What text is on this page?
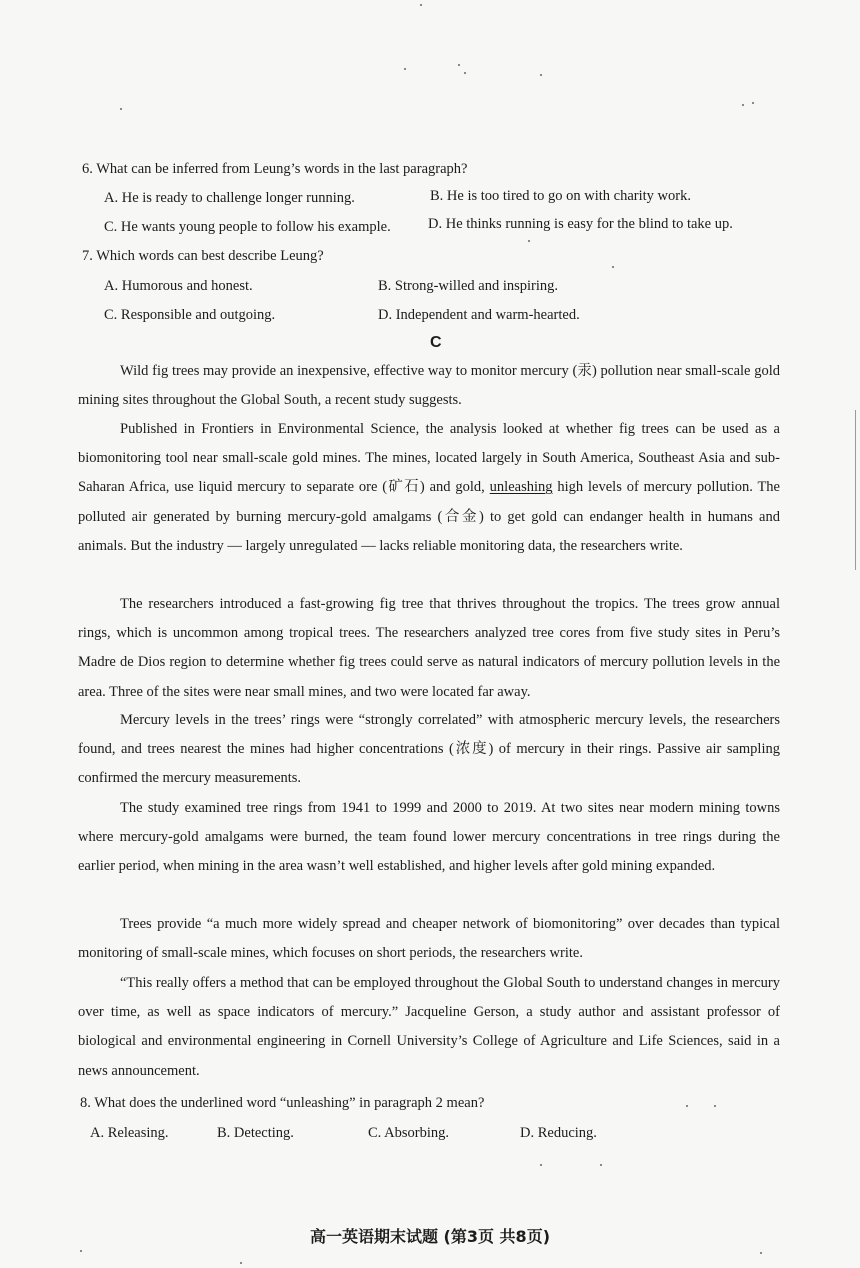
6. What can be inferred from Leung’s words in the last paragraph?
A. He is ready to challenge longer running.	B. He is too tired to go on with charity work.
C. He wants young people to follow his example.	D. He thinks running is easy for the blind to take up.
7. Which words can best describe Leung?
A. Humorous and honest.	B. Strong-willed and inspiring.
C. Responsible and outgoing.	D. Independent and warm-hearted.
C
Wild fig trees may provide an inexpensive, effective way to monitor mercury (汞) pollution near small-scale gold mining sites throughout the Global South, a recent study suggests.
Published in Frontiers in Environmental Science, the analysis looked at whether fig trees can be used as a biomonitoring tool near small-scale gold mines. The mines, located largely in South America, Southeast Asia and sub-Saharan Africa, use liquid mercury to separate ore (矿石) and gold, unleashing high levels of mercury pollution. The polluted air generated by burning mercury-gold amalgams (合金) to get gold can endanger health in humans and animals. But the industry — largely unregulated — lacks reliable monitoring data, the researchers write.
The researchers introduced a fast-growing fig tree that thrives throughout the tropics. The trees grow annual rings, which is uncommon among tropical trees. The researchers analyzed tree cores from five study sites in Peru’s Madre de Dios region to determine whether fig trees could serve as natural indicators of mercury pollution levels in the area. Three of the sites were near small mines, and two were located far away.
Mercury levels in the trees’ rings were “strongly correlated” with atmospheric mercury levels, the researchers found, and trees nearest the mines had higher concentrations (浓度) of mercury in their rings. Passive air sampling confirmed the mercury measurements.
The study examined tree rings from 1941 to 1999 and 2000 to 2019. At two sites near modern mining towns where mercury-gold amalgams were burned, the team found lower mercury concentrations in tree rings during the earlier period, when mining in the area wasn’t well established, and higher levels after gold mining expanded.
Trees provide “a much more widely spread and cheaper network of biomonitoring” over decades than typical monitoring of small-scale mines, which focuses on short periods, the researchers write.
“This really offers a method that can be employed throughout the Global South to understand changes in mercury over time, as well as space indicators of mercury.” Jacqueline Gerson, a study author and assistant professor of biological and environmental engineering in Cornell University’s College of Agriculture and Life Sciences, said in a news announcement.
8. What does the underlined word “unleashing” in paragraph 2 mean?
A. Releasing.	B. Detecting.	C. Absorbing.	D. Reducing.
高一英语期末试题 (第3页 共8页)
